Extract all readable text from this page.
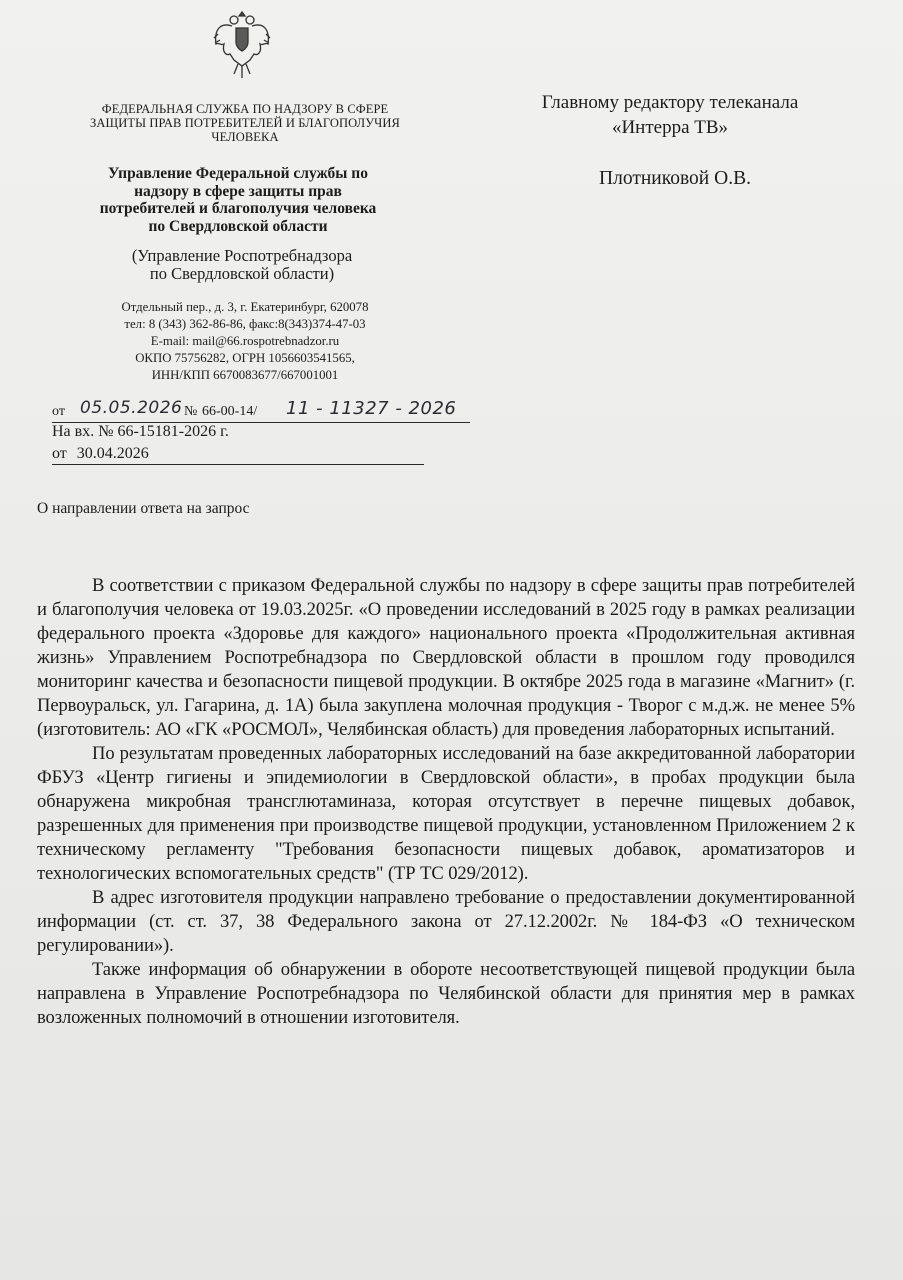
ФЕДЕРАЛЬНАЯ СЛУЖБА ПО НАДЗОРУ В СФЕРЕ
ЗАЩИТЫ ПРАВ ПОТРЕБИТЕЛЕЙ И БЛАГОПОЛУЧИЯ
ЧЕЛОВЕКА
Управление Федеральной службы по
надзору в сфере защиты прав
потребителей и благополучия человека
по Свердловской области
(Управление Роспотребнадзора
по Свердловской области)
Отдельный пер., д. 3, г. Екатеринбург, 620078
тел: 8 (343) 362-86-86, факс:8(343)374-47-03
E-mail: mail@66.rospotrebnadzor.ru
ОКПО 75756282, ОГРН 1056603541565,
ИНН/КПП 6670083677/667001001
от 05.05.2026 № 66-00-14/ 11 - 11327 - 2026
На вх. № 66-15181-2026 г.
от 30.04.2026
Главному редактору телеканала
«Интерра ТВ»
Плотниковой О.В.
О направлении ответа на запрос

В соответствии с приказом Федеральной службы по надзору в сфере защиты прав потребителей и благополучия человека от 19.03.2025г. «О проведении исследований в 2025 году в рамках реализации федерального проекта «Здоровье для каждого» национального проекта «Продолжительная активная жизнь» Управлением Роспотребнадзора по Свердловской области в прошлом году проводился мониторинг качества и безопасности пищевой продукции. В октябре 2025 года в магазине «Магнит» (г. Первоуральск, ул. Гагарина, д. 1А) была закуплена молочная продукция - Творог с м.д.ж. не менее 5% (изготовитель: АО «ГК «РОСМОЛ», Челябинская область) для проведения лабораторных испытаний.

По результатам проведенных лабораторных исследований на базе аккредитованной лаборатории ФБУЗ «Центр гигиены и эпидемиологии в Свердловской области», в пробах продукции была обнаружена микробная трансглютаминаза, которая отсутствует в перечне пищевых добавок, разрешенных для применения при производстве пищевой продукции, установленном Приложением 2 к техническому регламенту "Требования безопасности пищевых добавок, ароматизаторов и технологических вспомогательных средств" (ТР ТС 029/2012).

В адрес изготовителя продукции направлено требование о предоставлении документированной информации (ст. ст. 37, 38 Федерального закона от 27.12.2002г. № 184-ФЗ «О техническом регулировании»).

Также информация об обнаружении в обороте несоответствующей пищевой продукции была направлена в Управление Роспотребнадзора по Челябинской области для принятия мер в рамках возложенных полномочий в отношении изготовителя.
